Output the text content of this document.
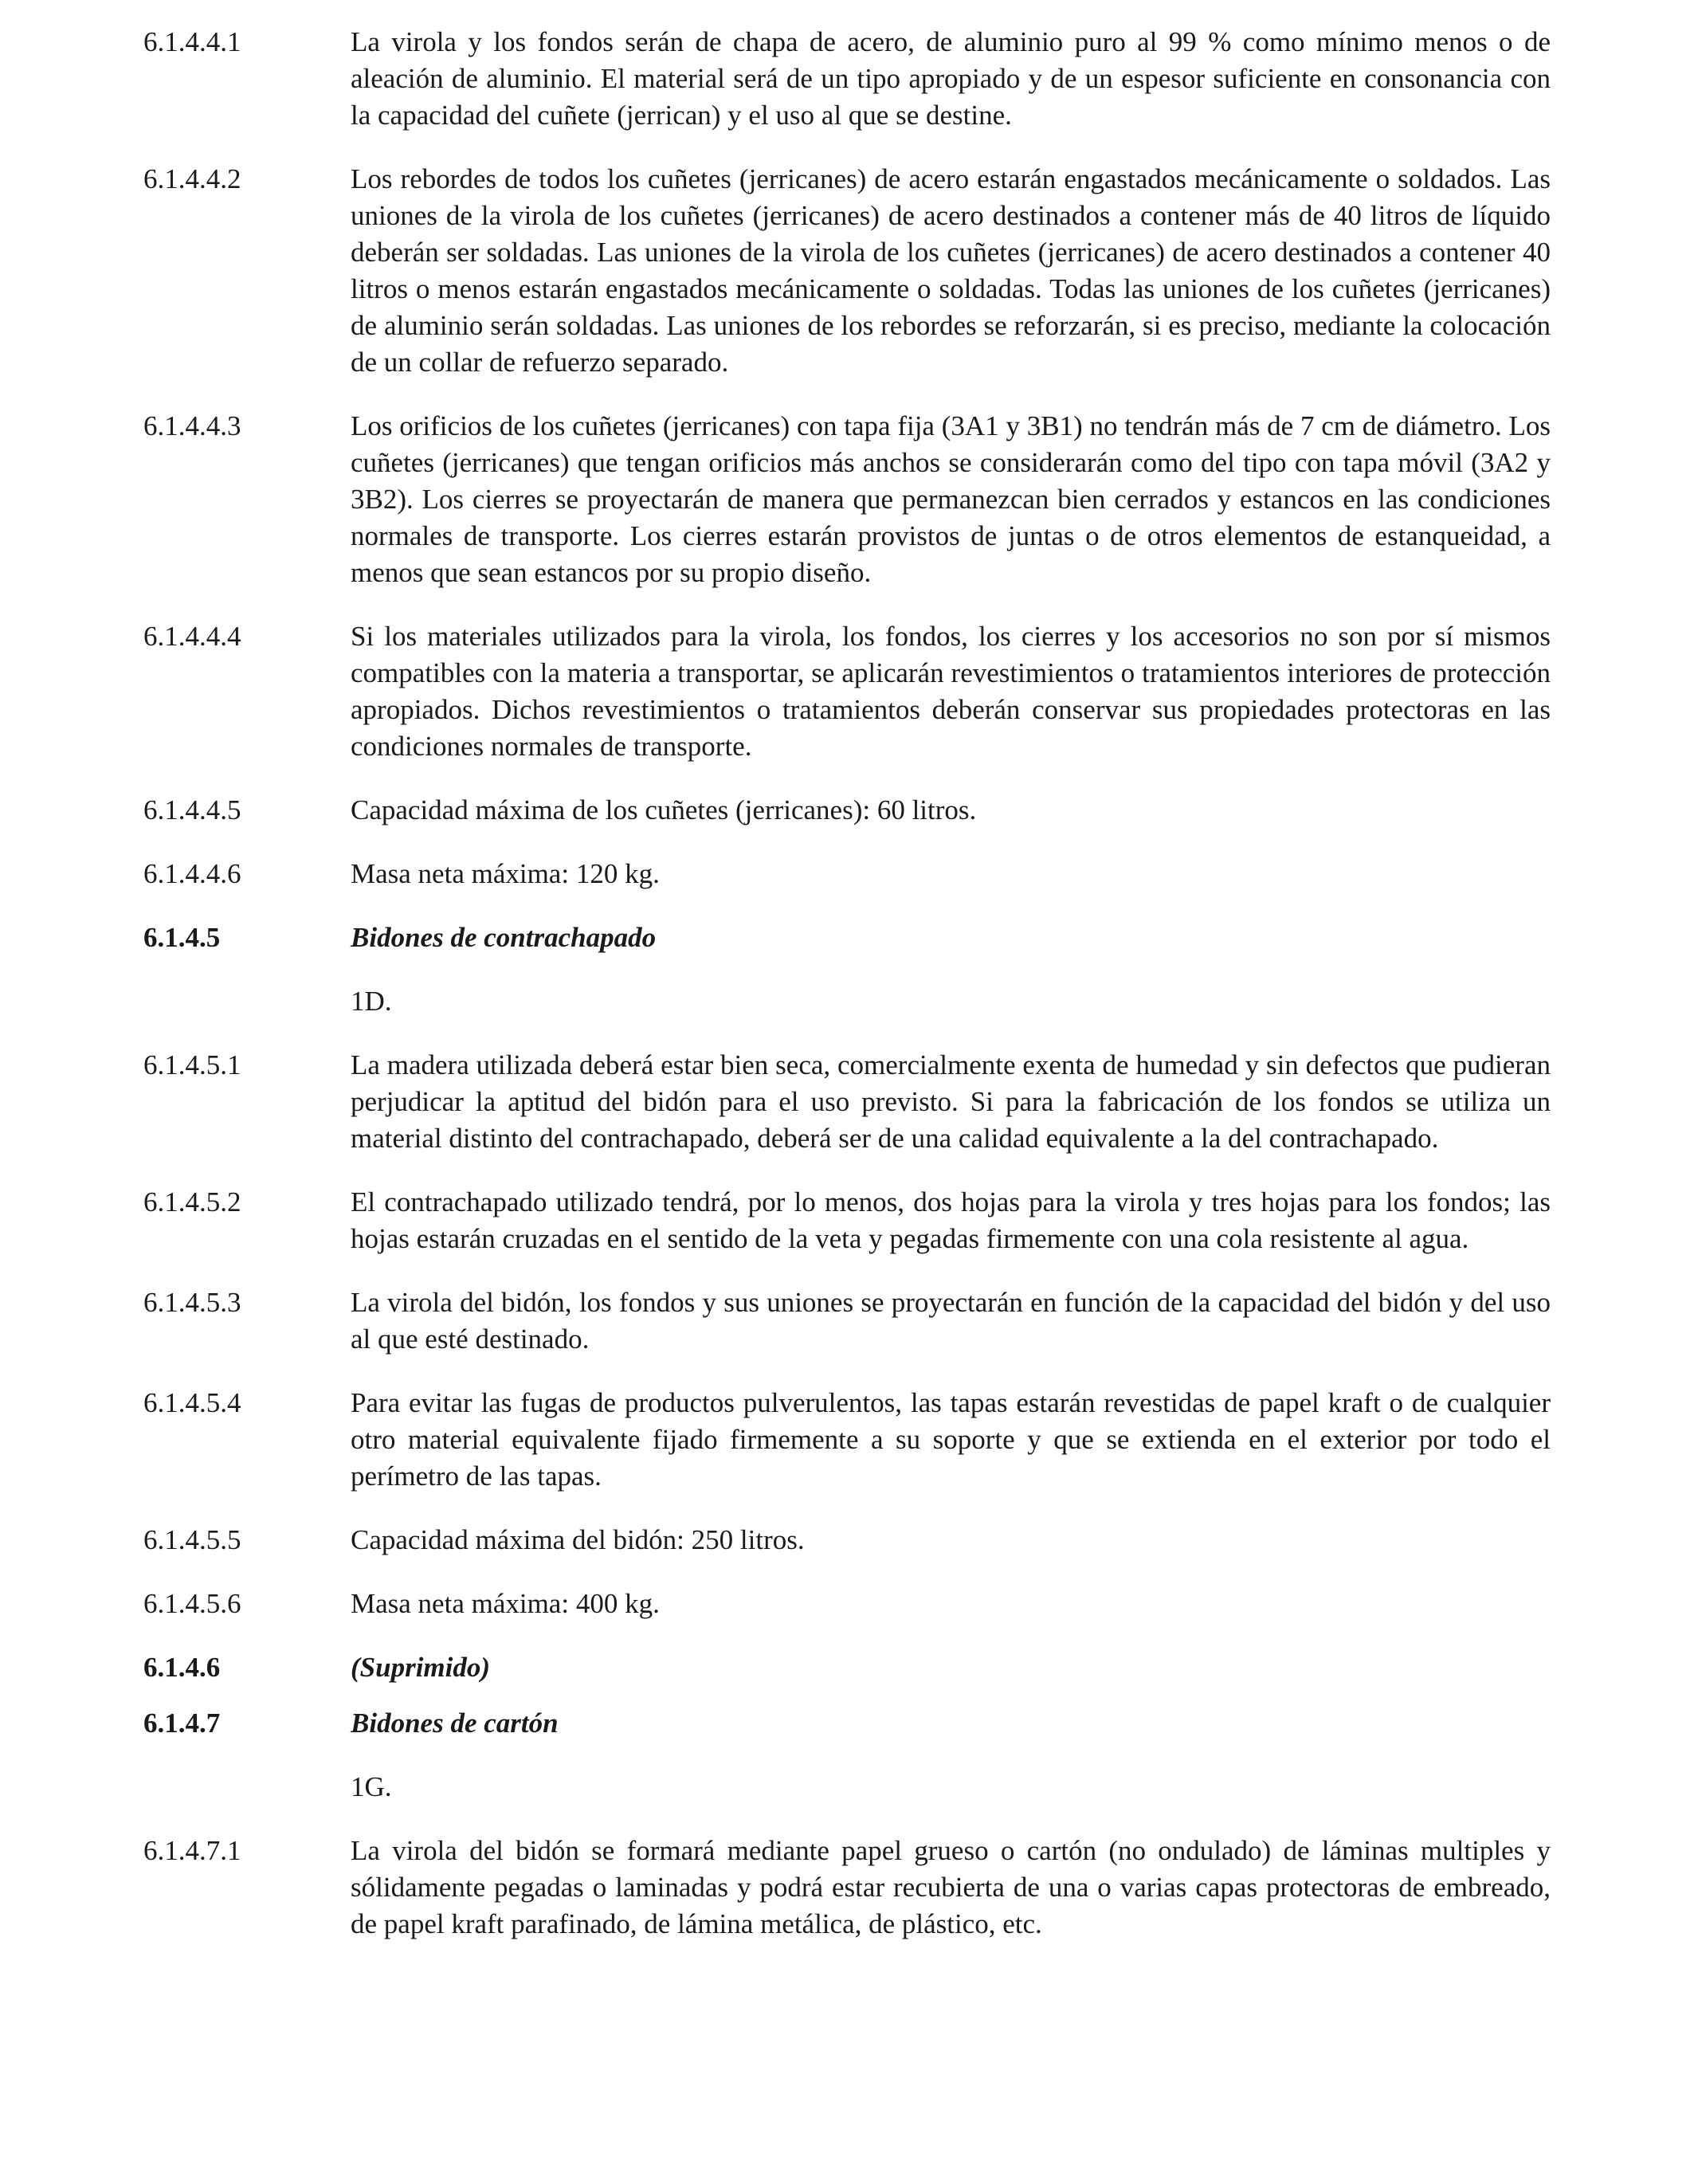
6.1.4.4.1	La virola y los fondos serán de chapa de acero, de aluminio puro al 99 % como mínimo menos o de aleación de aluminio. El material será de un tipo apropiado y de un espesor suficiente en consonancia con la capacidad del cuñete (jerrican) y el uso al que se destine.
6.1.4.4.2	Los rebordes de todos los cuñetes (jerricanes) de acero estarán engastados mecánicamente o soldados. Las uniones de la virola de los cuñetes (jerricanes) de acero destinados a contener más de 40 litros de líquido deberán ser soldadas. Las uniones de la virola de los cuñetes (jerricanes) de acero destinados a contener 40 litros o menos estarán engastados mecánicamente o soldadas. Todas las uniones de los cuñetes (jerricanes) de aluminio serán soldadas. Las uniones de los rebordes se reforzarán, si es preciso, mediante la colocación de un collar de refuerzo separado.
6.1.4.4.3	Los orificios de los cuñetes (jerricanes) con tapa fija (3A1 y 3B1) no tendrán más de 7 cm de diámetro. Los cuñetes (jerricanes) que tengan orificios más anchos se considerarán como del tipo con tapa móvil (3A2 y 3B2). Los cierres se proyectarán de manera que permanezcan bien cerrados y estancos en las condiciones normales de transporte. Los cierres estarán provistos de juntas o de otros elementos de estanqueidad, a menos que sean estancos por su propio diseño.
6.1.4.4.4	Si los materiales utilizados para la virola, los fondos, los cierres y los accesorios no son por sí mismos compatibles con la materia a transportar, se aplicarán revestimientos o tratamientos interiores de protección apropiados. Dichos revestimientos o tratamientos deberán conservar sus propiedades protectoras en las condiciones normales de transporte.
6.1.4.4.5	Capacidad máxima de los cuñetes (jerricanes): 60 litros.
6.1.4.4.6	Masa neta máxima: 120 kg.
6.1.4.5	Bidones de contrachapado
1D.
6.1.4.5.1	La madera utilizada deberá estar bien seca, comercialmente exenta de humedad y sin defectos que pudieran perjudicar la aptitud del bidón para el uso previsto. Si para la fabricación de los fondos se utiliza un material distinto del contrachapado, deberá ser de una calidad equivalente a la del contrachapado.
6.1.4.5.2	El contrachapado utilizado tendrá, por lo menos, dos hojas para la virola y tres hojas para los fondos; las hojas estarán cruzadas en el sentido de la veta y pegadas firmemente con una cola resistente al agua.
6.1.4.5.3	La virola del bidón, los fondos y sus uniones se proyectarán en función de la capacidad del bidón y del uso al que esté destinado.
6.1.4.5.4	Para evitar las fugas de productos pulverulentos, las tapas estarán revestidas de papel kraft o de cualquier otro material equivalente fijado firmemente a su soporte y que se extienda en el exterior por todo el perímetro de las tapas.
6.1.4.5.5	Capacidad máxima del bidón: 250 litros.
6.1.4.5.6	Masa neta máxima: 400 kg.
6.1.4.6	(Suprimido)
6.1.4.7	Bidones de cartón
1G.
6.1.4.7.1	La virola del bidón se formará mediante papel grueso o cartón (no ondulado) de láminas multiples y sólidamente pegadas o laminadas y podrá estar recubierta de una o varias capas protectoras de embreado, de papel kraft parafinado, de lámina metálica, de plástico, etc.
